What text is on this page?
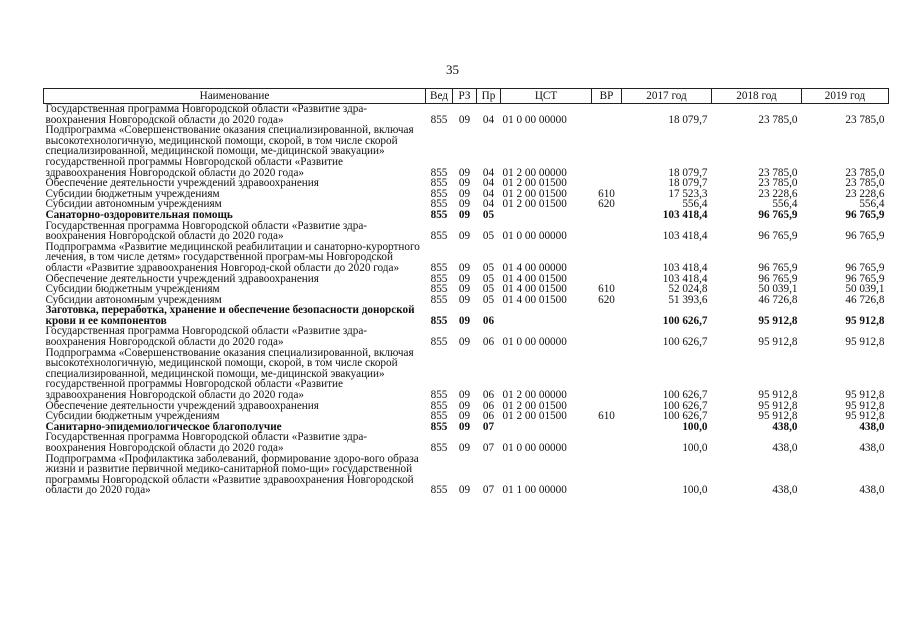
35
Наименование	Вед	РЗ	Пр	ЦСТ	ВР	2017 год	2018 год	2019 год
Государственная программа Новгородской области «Развитие здра-воохранения Новгородской области до 2020 года»	855	09	04	01 0 00 00000		18 079,7	23 785,0	23 785,0
Подпрограмма «Совершенствование оказания специализированной, включая высокотехнологичную, медицинской помощи, скорой, в том числе скорой специализированной, медицинской помощи, ме-дицинской эвакуации» государственной программы Новгородской области «Развитие здравоохранения Новгородской области до 2020 года»	855	09	04	01 2 00 00000		18 079,7	23 785,0	23 785,0
Обеспечение деятельности учреждений здравоохранения	855	09	04	01 2 00 01500		18 079,7	23 785,0	23 785,0
Субсидии бюджетным учреждениям	855	09	04	01 2 00 01500	610	17 523,3	23 228,6	23 228,6
Субсидии автономным учреждениям	855	09	04	01 2 00 01500	620	556,4	556,4	556,4
Санаторно-оздоровительная помощь	855	09	05			103 418,4	96 765,9	96 765,9
Государственная программа Новгородской области «Развитие здра-воохранения Новгородской области до 2020 года»	855	09	05	01 0 00 00000		103 418,4	96 765,9	96 765,9
Подпрограмма «Развитие медицинской реабилитации и санаторно-курортного лечения, в том числе детям» государственной програм-мы Новгородской области «Развитие здравоохранения Новгород-ской области до 2020 года»	855	09	05	01 4 00 00000		103 418,4	96 765,9	96 765,9
Обеспечение деятельности учреждений здравоохранения	855	09	05	01 4 00 01500		103 418,4	96 765,9	96 765,9
Субсидии бюджетным учреждениям	855	09	05	01 4 00 01500	610	52 024,8	50 039,1	50 039,1
Субсидии автономным учреждениям	855	09	05	01 4 00 01500	620	51 393,6	46 726,8	46 726,8
Заготовка, переработка, хранение и обеспечение безопасности донорской крови и ее компонентов	855	09	06			100 626,7	95 912,8	95 912,8
Государственная программа Новгородской области «Развитие здра-воохранения Новгородской области до 2020 года»	855	09	06	01 0 00 00000		100 626,7	95 912,8	95 912,8
Подпрограмма «Совершенствование оказания специализированной, включая высокотехнологичную, медицинской помощи, скорой, в том числе скорой специализированной, медицинской помощи, ме-дицинской эвакуации» государственной программы Новгородской области «Развитие здравоохранения Новгородской области до 2020 года»	855	09	06	01 2 00 00000		100 626,7	95 912,8	95 912,8
Обеспечение деятельности учреждений здравоохранения	855	09	06	01 2 00 01500		100 626,7	95 912,8	95 912,8
Субсидии бюджетным учреждениям	855	09	06	01 2 00 01500	610	100 626,7	95 912,8	95 912,8
Санитарно-эпидемиологическое благополучие	855	09	07			100,0	438,0	438,0
Государственная программа Новгородской области «Развитие здра-воохранения Новгородской области до 2020 года»	855	09	07	01 0 00 00000		100,0	438,0	438,0
Подпрограмма «Профилактика заболеваний, формирование здоро-вого образа жизни и развитие первичной медико-санитарной помо-щи» государственной программы Новгородской области «Развитие здравоохранения Новгородской области до 2020 года»	855	09	07	01 1 00 00000		100,0	438,0	438,0
